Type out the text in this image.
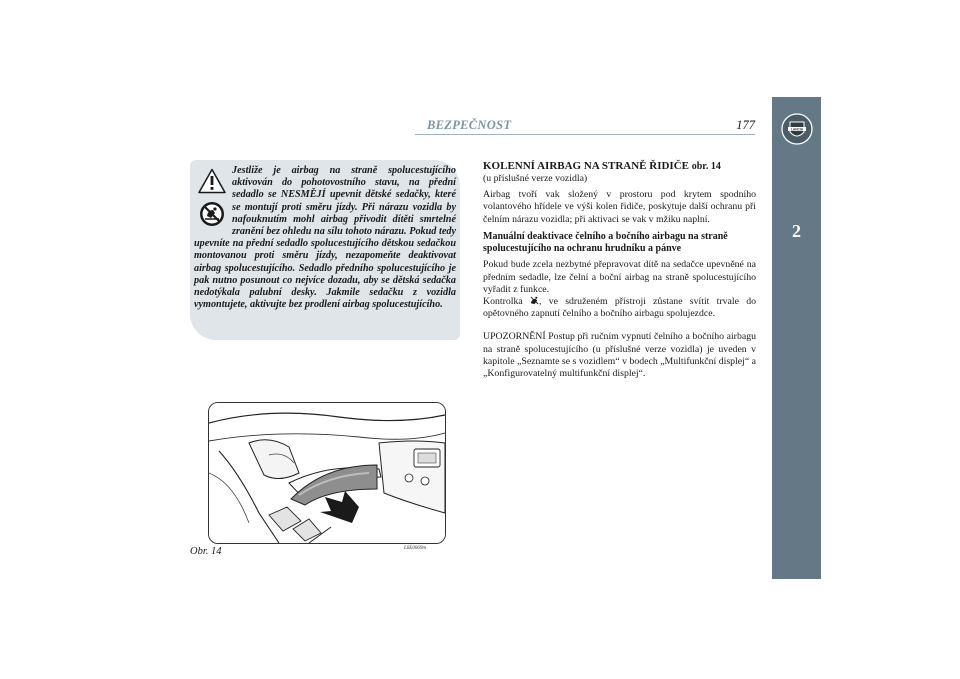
BEZPEČNOST	177	LANCIA
2
Jestliže je airbag na straně spolucestujícího aktivován do pohotovostního stavu, na přední sedadlo se NESMĚJÍ upevnit dětské sedačky, které se montují proti směru jízdy. Při nárazu vozidla by nafouknutím mohl airbag přivodit dítěti smrtelné zranění bez ohledu na sílu tohoto nárazu. Pokud tedy upevníte na přední sedadlo spolucestujícího dětskou sedačkou montovanou proti směru jízdy, nezapomeňte deaktivovat airbag spolucestujícího. Sedadlo předního spolucestujícího je pak nutno posunout co nejvíce dozadu, aby se dětská sedačka nedotýkala palubní desky. Jakmile sedačku z vozidla vymontujete, aktivujte bez prodlení airbag spolucestujícího.
Obr. 14	L0E0069m
KOLENNÍ AIRBAG NA STRANĚ ŘIDIČE obr. 14
(u příslušné verze vozidla)
Airbag tvoří vak složený v prostoru pod krytem spodního volantového hřídele ve výši kolen řidiče, poskytuje další ochranu při čelním nárazu vozidla; při aktivaci se vak v mžiku naplní.
Manuální deaktivace čelního a bočního airbagu na straně spolucestujícího na ochranu hrudníku a pánve
Pokud bude zcela nezbytné přepravovat dítě na sedačce upevněné na předním sedadle, lze čelní a boční airbag na straně spolucestujícího vyřadit z funkce.
Kontrolka , ve sdruženém přístroji zůstane svítit trvale do opětovného zapnutí čelního a bočního airbagu spolujezdce.
UPOZORNĚNÍ Postup při ručním vypnutí čelního a bočního airbagu na straně spolucestujícího (u příslušné verze vozidla) je uveden v kapitole „Seznamte se s vozidlem“ v bodech „Multifunkční displej“ a „Konfigurovatelný multifunkční displej“.
